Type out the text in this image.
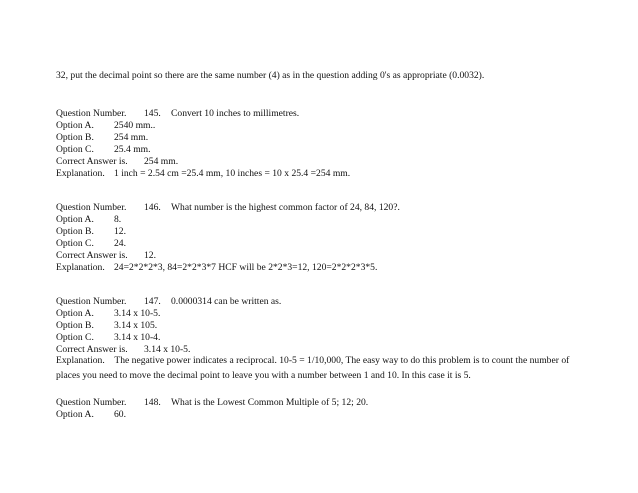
32, put the decimal point so there are the same number (4) as in the question adding 0's as appropriate (0.0032).
Question Number. 145. Convert 10 inches to millimetres.
Option A. 2540 mm..
Option B. 254 mm.
Option C. 25.4 mm.
Correct Answer is. 254 mm.
Explanation. 1 inch = 2.54 cm =25.4 mm, 10 inches = 10 x 25.4 =254 mm.
Question Number. 146. What number is the highest common factor of 24, 84, 120?.
Option A. 8.
Option B. 12.
Option C. 24.
Correct Answer is. 12.
Explanation. 24=2*2*2*3, 84=2*2*3*7 HCF will be 2*2*3=12, 120=2*2*2*3*5.
Question Number. 147. 0.0000314 can be written as.
Option A. 3.14 x 10-5.
Option B. 3.14 x 105.
Option C. 3.14 x 10-4.
Correct Answer is. 3.14 x 10-5.
Explanation. The negative power indicates a reciprocal. 10-5 = 1/10,000, The easy way to do this problem is to count the number of places you need to move the decimal point to leave you with a number between 1 and 10. In this case it is 5.
Question Number. 148. What is the Lowest Common Multiple of 5; 12; 20.
Option A. 60.
